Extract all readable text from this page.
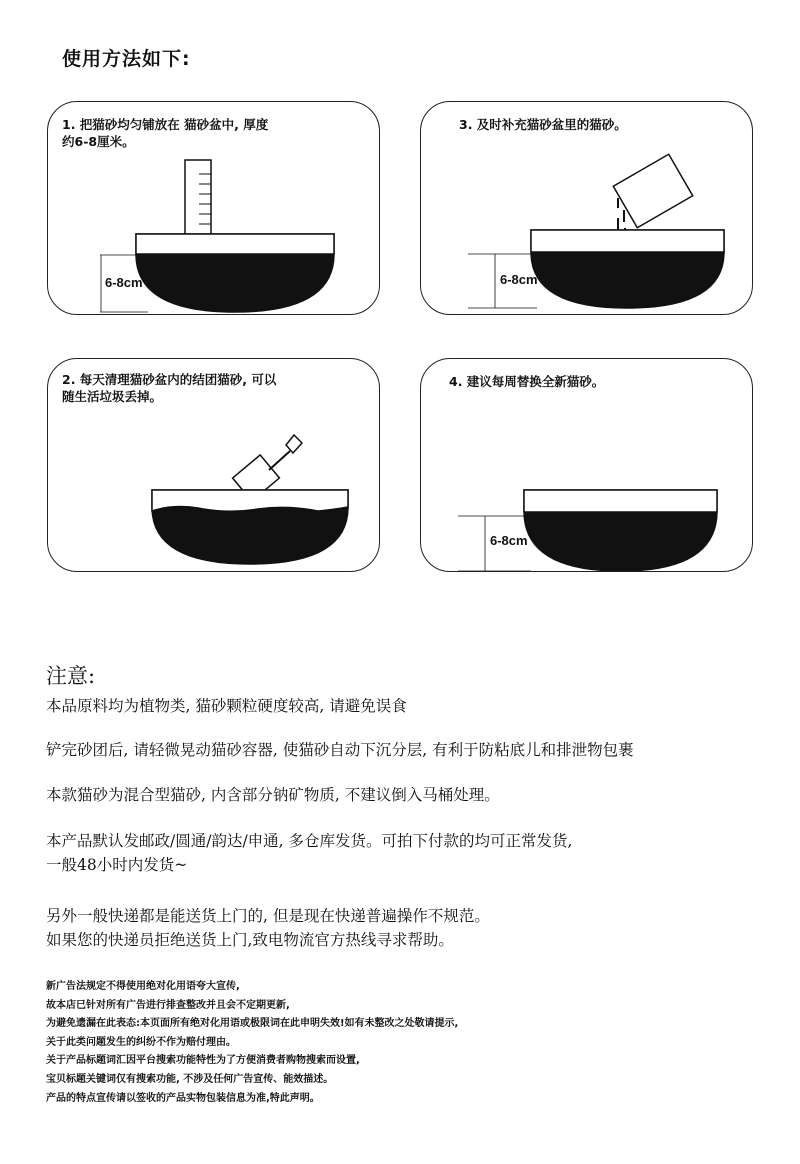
使用方法如下:
1. 把猫砂均匀铺放在 猫砂盆中, 厚度
约6-8厘米。
6-8cm
3. 及时补充猫砂盆里的猫砂。
6-8cm
2. 每天清理猫砂盆内的结团猫砂, 可以
随生活垃圾丢掉。
4. 建议每周替换全新猫砂。
6-8cm
注意:
本品原料均为植物类, 猫砂颗粒硬度较高, 请避免误食
铲完砂团后, 请轻微晃动猫砂容器, 使猫砂自动下沉分层, 有利于防粘底儿和排泄物包裹
本款猫砂为混合型猫砂, 内含部分钠矿物质, 不建议倒入马桶处理。
本产品默认发邮政/圆通/韵达/申通, 多仓库发货。可拍下付款的均可正常发货,
一般48小时内发货~
另外一般快递都是能送货上门的, 但是现在快递普遍操作不规范。
如果您的快递员拒绝送货上门,致电物流官方热线寻求帮助。
新广告法规定不得使用绝对化用语夸大宣传,
故本店已针对所有广告进行排查整改并且会不定期更新,
为避免遗漏在此表态:本页面所有绝对化用语或极限词在此申明失效!如有未整改之处敬请提示,
关于此类问题发生的纠纷不作为赔付理由。
关于产品标题词汇因平台搜索功能特性为了方便消费者购物搜索而设置,
宝贝标题关键词仅有搜索功能, 不涉及任何广告宣传、能效描述。
产品的特点宣传请以签收的产品实物包装信息为准,特此声明。
